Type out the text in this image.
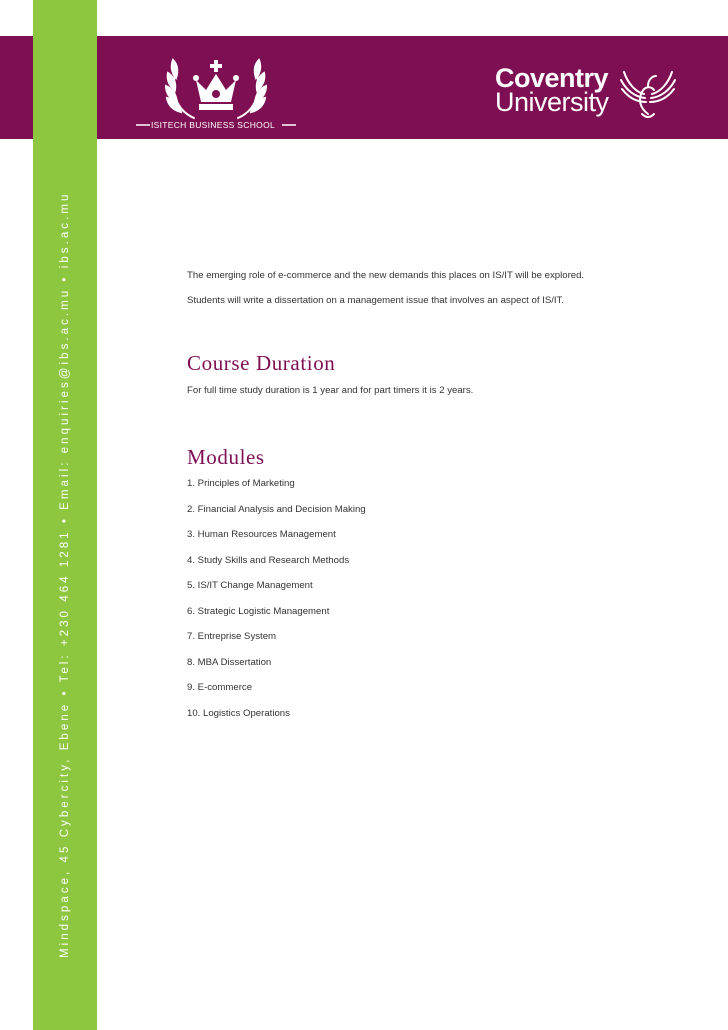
Mindspace, 45 Cybercity, Ebene • Tel: +230 464 1281 • Email: enquiries@ibs.ac.mu • ibs.ac.mu
ISITECH BUSINESS SCHOOL
Coventry
University

The emerging role of e-commerce and the new demands this places on IS/IT will be explored.

Students will write a dissertation on a management issue that involves an aspect of IS/IT.

Course Duration

For full time study duration is 1 year and for part timers it is 2 years.

Modules
1. Principles of Marketing
2. Financial Analysis and Decision Making
3. Human Resources Management
4. Study Skills and Research Methods
5. IS/IT Change Management
6. Strategic Logistic Management
7. Entreprise System
8. MBA Dissertation
9. E-commerce
10. Logistics Operations
